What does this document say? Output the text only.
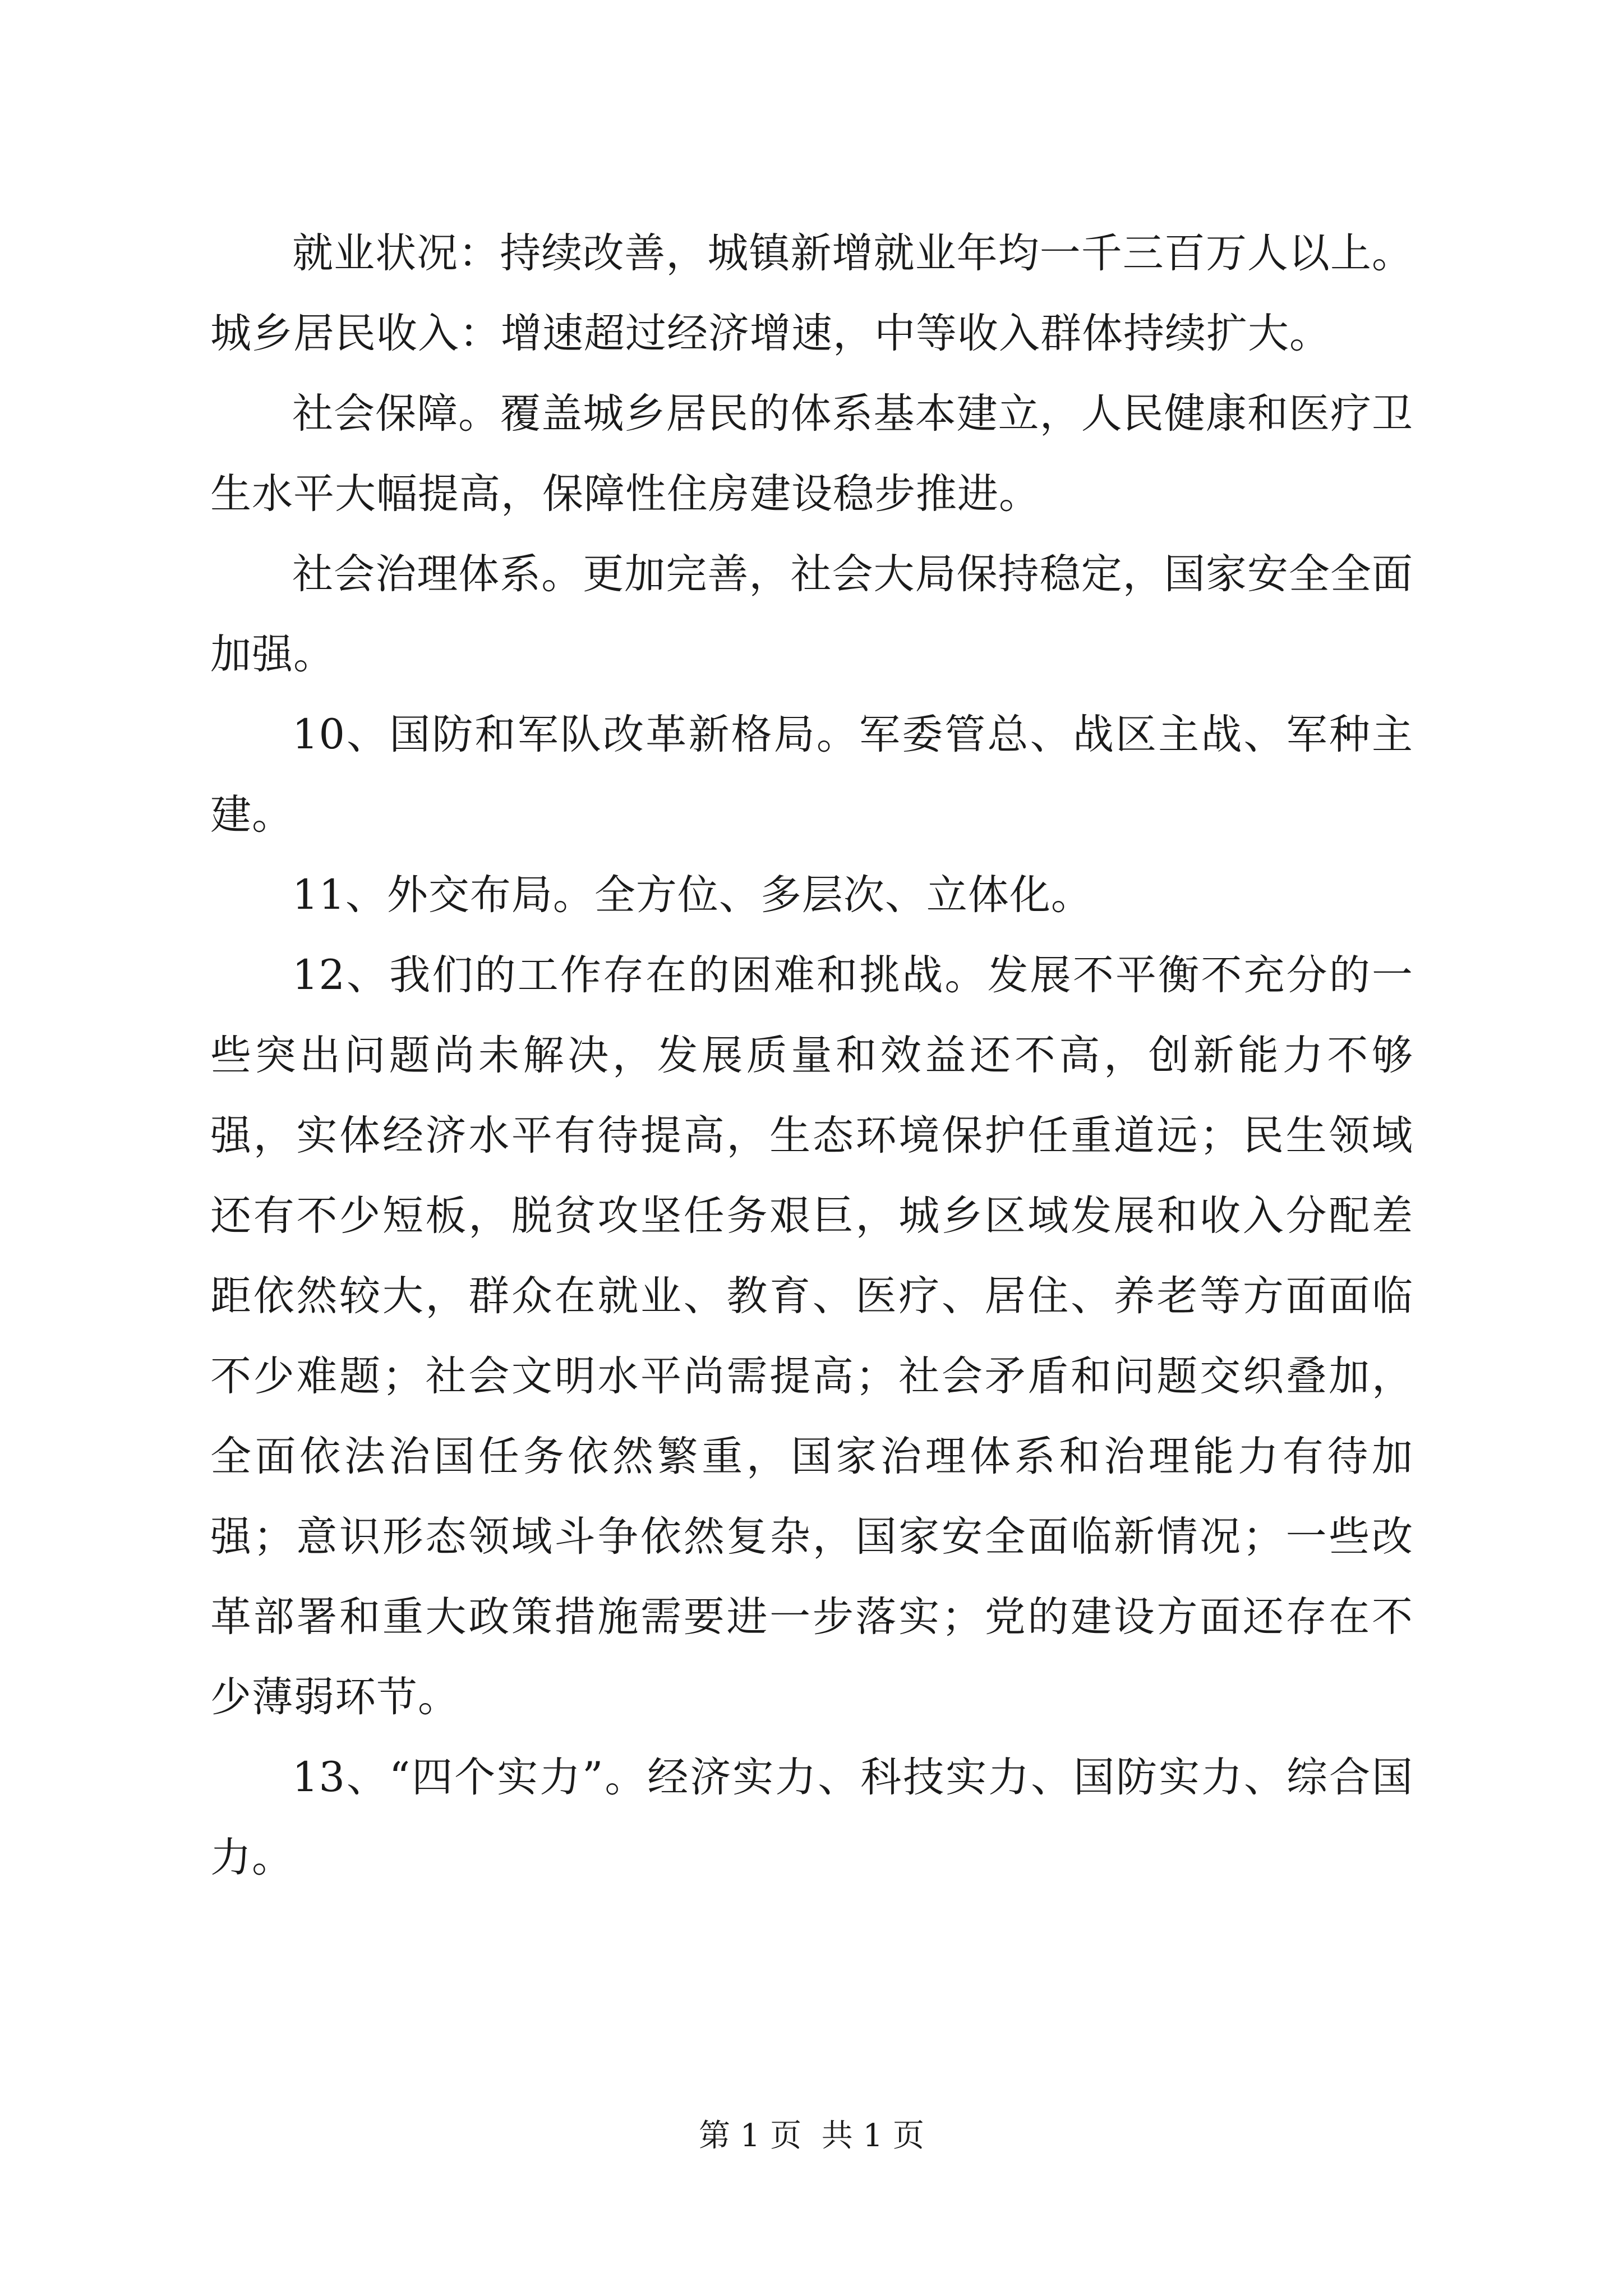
就业状况：持续改善，城镇新增就业年均一千三百万人以上。城乡居民收入：增速超过经济增速，中等收入群体持续扩大。

社会保障。覆盖城乡居民的体系基本建立，人民健康和医疗卫生水平大幅提高，保障性住房建设稳步推进。

社会治理体系。更加完善，社会大局保持稳定，国家安全全面加强。

10、国防和军队改革新格局。军委管总、战区主战、军种主建。

11、外交布局。全方位、多层次、立体化。

12、我们的工作存在的困难和挑战。发展不平衡不充分的一些突出问题尚未解决，发展质量和效益还不高，创新能力不够强，实体经济水平有待提高，生态环境保护任重道远；民生领域还有不少短板，脱贫攻坚任务艰巨，城乡区域发展和收入分配差距依然较大，群众在就业、教育、医疗、居住、养老等方面面临不少难题；社会文明水平尚需提高；社会矛盾和问题交织叠加，全面依法治国任务依然繁重，国家治理体系和治理能力有待加强；意识形态领域斗争依然复杂，国家安全面临新情况；一些改革部署和重大政策措施需要进一步落实；党的建设方面还存在不少薄弱环节。

13、“四个实力”。经济实力、科技实力、国防实力、综合国力。

第 1 页  共 1 页
